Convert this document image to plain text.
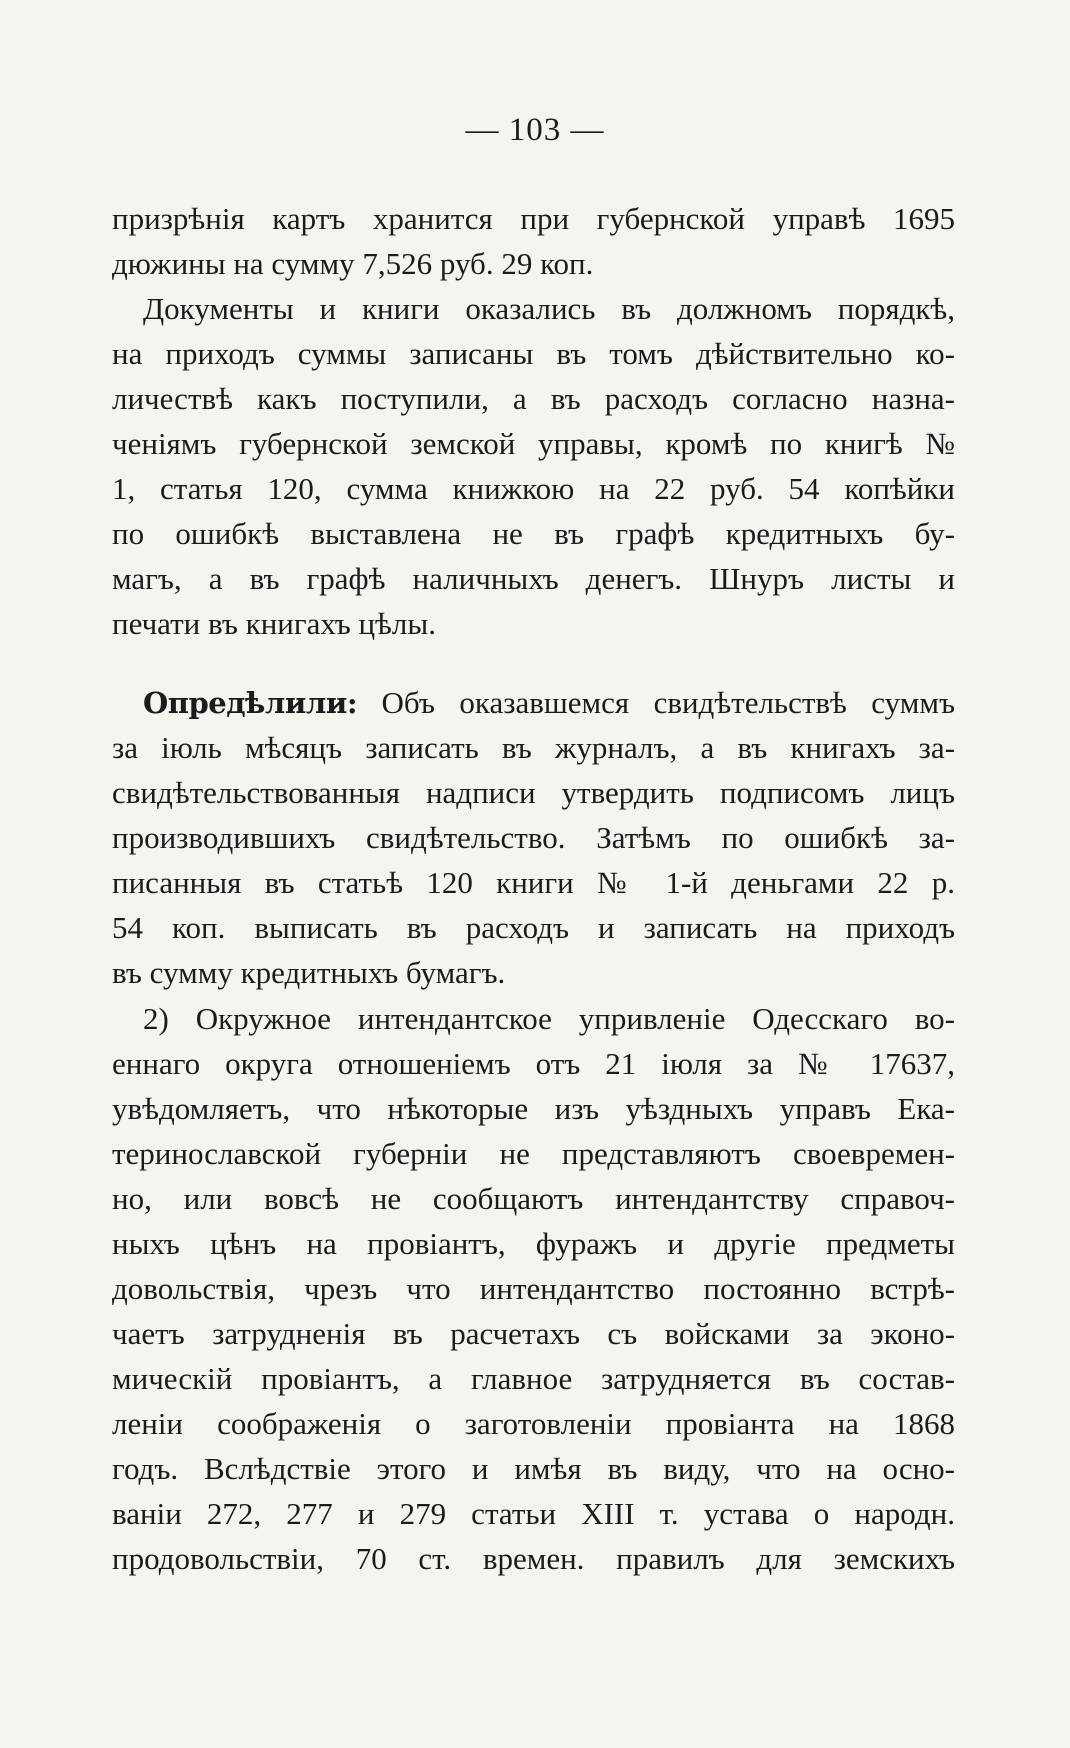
— 103 —
призрѣнія картъ хранится при губернской управѣ 1695
дюжины на сумму 7,526 руб. 29 коп.
Документы и книги оказались въ должномъ порядкѣ,
на приходъ суммы записаны въ томъ дѣйствительно ко-
личествѣ какъ поступили, а въ расходъ согласно назна-
ченіямъ губернской земской управы, кромѣ по книгѣ №
1, статья 120, сумма книжкою на 22 руб. 54 копѣйки
по ошибкѣ выставлена не въ графѣ кредитныхъ бу-
магъ, а въ графѣ наличныхъ денегъ. Шнуръ листы и
печати въ книгахъ цѣлы.
Опредѣлили: Объ оказавшемся свидѣтельствѣ суммъ
за іюль мѣсяцъ записать въ журналъ, а въ книгахъ за-
свидѣтельствованныя надписи утвердить подписомъ лицъ
производившихъ свидѣтельство. Затѣмъ по ошибкѣ за-
писанныя въ статьѣ 120 книги № 1-й деньгами 22 р.
54 коп. выписать въ расходъ и записать на приходъ
въ сумму кредитныхъ бумагъ.
2) Окружное интендантское упривленіе Одесскаго во-
еннаго округа отношеніемъ отъ 21 іюля за № 17637,
увѣдомляетъ, что нѣкоторые изъ уѣздныхъ управъ Ека-
теринославской губерніи не представляютъ своевремен-
но, или вовсѣ не сообщаютъ интендантству справоч-
ныхъ цѣнъ на провіантъ, фуражъ и другіе предметы
довольствія, чрезъ что интендантство постоянно встрѣ-
чаетъ затрудненія въ расчетахъ съ войсками за эконо-
мическій провіантъ, а главное затрудняется въ состав-
леніи соображенія о заготовленіи провіанта на 1868
годъ. Вслѣдствіе этого и имѣя въ виду, что на осно-
ваніи 272, 277 и 279 статьи XIII т. устава о народн.
продовольствіи, 70 ст. времен. правилъ для земскихъ
